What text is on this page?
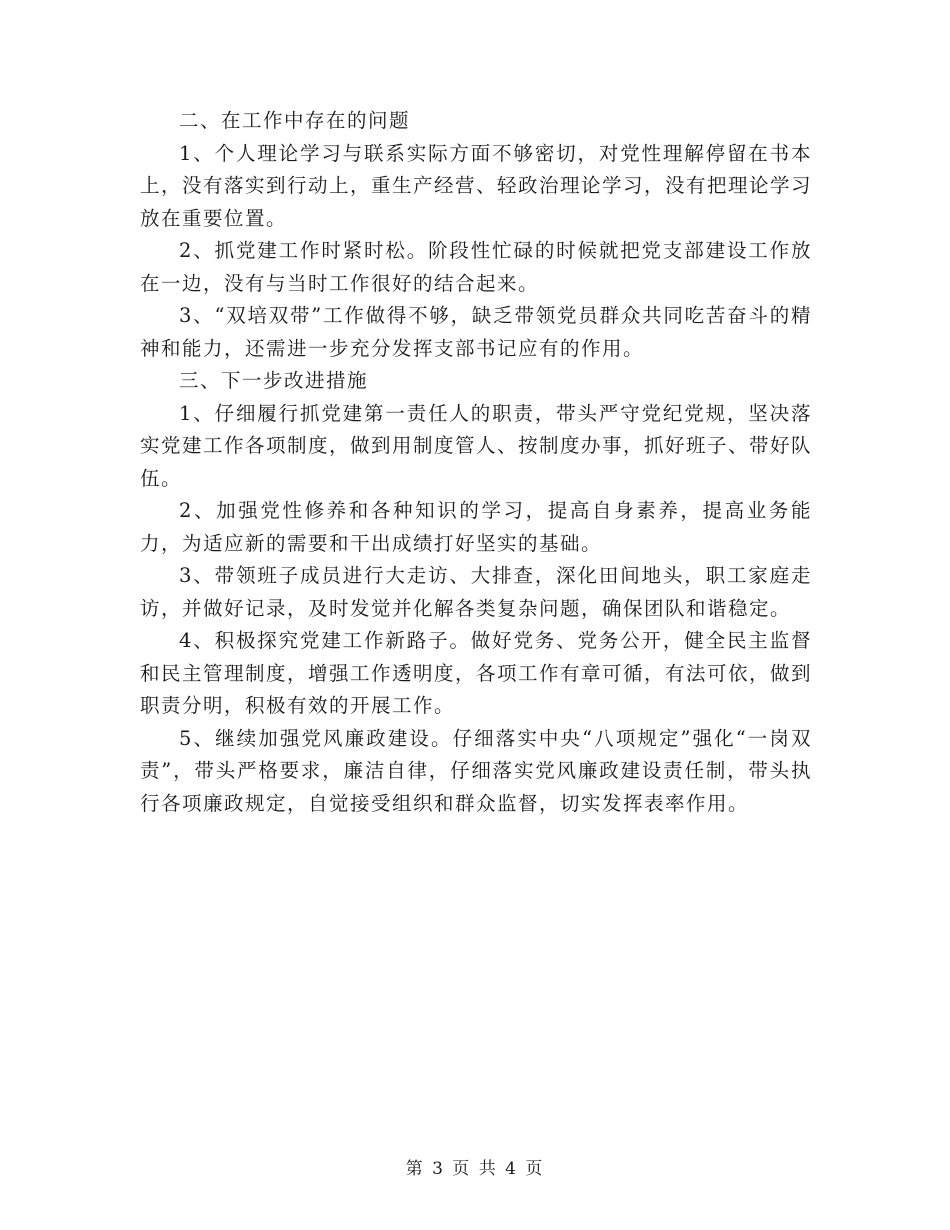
二、在工作中存在的问题

1、个人理论学习与联系实际方面不够密切，对党性理解停留在书本上，没有落实到行动上，重生产经营、轻政治理论学习，没有把理论学习放在重要位置。

2、抓党建工作时紧时松。阶段性忙碌的时候就把党支部建设工作放在一边，没有与当时工作很好的结合起来。

3、“双培双带”工作做得不够，缺乏带领党员群众共同吃苦奋斗的精神和能力，还需进一步充分发挥支部书记应有的作用。

三、下一步改进措施

1、仔细履行抓党建第一责任人的职责，带头严守党纪党规，坚决落实党建工作各项制度，做到用制度管人、按制度办事，抓好班子、带好队伍。

2、加强党性修养和各种知识的学习，提高自身素养，提高业务能力，为适应新的需要和干出成绩打好坚实的基础。

3、带领班子成员进行大走访、大排查，深化田间地头，职工家庭走访，并做好记录，及时发觉并化解各类复杂问题，确保团队和谐稳定。

4、积极探究党建工作新路子。做好党务、党务公开，健全民主监督和民主管理制度，增强工作透明度，各项工作有章可循，有法可依，做到职责分明，积极有效的开展工作。

5、继续加强党风廉政建设。仔细落实中央“八项规定”强化“一岗双责”，带头严格要求，廉洁自律，仔细落实党风廉政建设责任制，带头执行各项廉政规定，自觉接受组织和群众监督，切实发挥表率作用。

第 3 页 共 4 页
